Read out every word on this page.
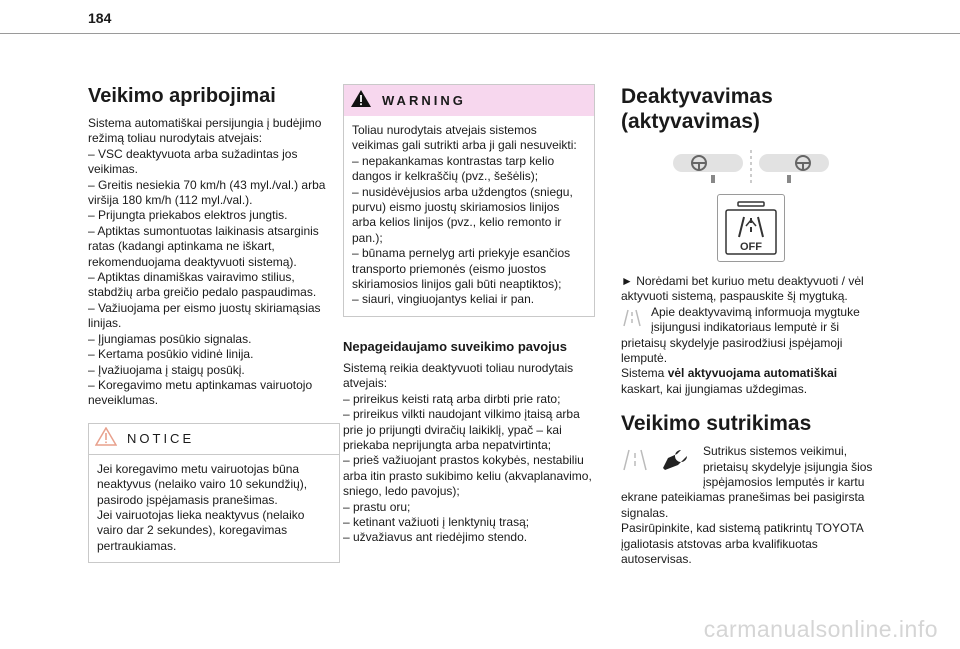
184
Veikimo apribojimai

Sistema automatiškai persijungia į budėjimo režimą toliau nurodytais atvejais:
– VSC deaktyvuota arba sužadintas jos veikimas.
– Greitis nesiekia 70 km/h (43 myl./val.) arba viršija 180 km/h (112 myl./val.).
– Prijungta priekabos elektros jungtis.
– Aptiktas sumontuotas laikinasis atsarginis ratas (kadangi aptinkama ne iškart, rekomenduojama deaktyvuoti sistemą).
– Aptiktas dinamiškas vairavimo stilius, stabdžių arba greičio pedalo paspaudimas.
– Važiuojama per eismo juostų skiriamąsias linijas.
– Įjungiamas posūkio signalas.
– Kertama posūkio vidinė linija.
– Įvažiuojama į staigų posūkį.
– Koregavimo metu aptinkamas vairuotojo neveiklumas.

NOTICE
Jei koregavimo metu vairuotojas būna neaktyvus (nelaiko vairo 10 sekundžių), pasirodo įspėjamasis pranešimas.
Jei vairuotojas lieka neaktyvus (nelaiko vairo dar 2 sekundes), koregavimas pertraukiamas.
WARNING
Toliau nurodytais atvejais sistemos veikimas gali sutrikti arba ji gali nesuveikti:
– nepakankamas kontrastas tarp kelio dangos ir kelkraščių (pvz., šešėlis);
– nusidėvėjusios arba uždengtos (sniegu, purvu) eismo juostų skiriamosios linijos arba kelios linijos (pvz., kelio remonto ir pan.);
– būnama pernelyg arti priekyje esančios transporto priemonės (eismo juostos skiriamosios linijos gali būti neaptiktos);
– siauri, vingiuojantys keliai ir pan.
Nepageidaujamo suveikimo pavojus

Sistemą reikia deaktyvuoti toliau nurodytais atvejais:
– prireikus keisti ratą arba dirbti prie rato;
– prireikus vilkti naudojant vilkimo įtaisą arba prie jo prijungti dviračių laikiklį, ypač – kai priekaba neprijungta arba nepatvirtinta;
– prieš važiuojant prastos kokybės, nestabiliu arba itin prasto sukibimo keliu (akvaplanavimo, sniego, ledo pavojus);
– prastu oru;
– ketinant važiuoti į lenktynių trasą;
– užvažiavus ant riedėjimo stendo.

Deaktyvavimas (aktyvavimas)
OFF

► Norėdami bet kuriuo metu deaktyvuoti / vėl aktyvuoti sistemą, paspauskite šį mygtuką.

Apie deaktyvavimą informuoja mygtuke įsijungusi indikatoriaus lemputė ir ši prietaisų skydelyje pasirodžiusi įspėjamoji lemputė.

Sistema vėl aktyvuojama automatiškai kaskart, kai įjungiamas uždegimas.

Veikimo sutrikimas

Sutrikus sistemos veikimui, prietaisų skydelyje įsijungia šios įspėjamosios lemputės ir kartu ekrane pateikiamas pranešimas bei pasigirsta signalas.
Pasirūpinkite, kad sistemą patikrintų TOYOTA įgaliotasis atstovas arba kvalifikuotas autoservisas.

carmanualsonline.info
